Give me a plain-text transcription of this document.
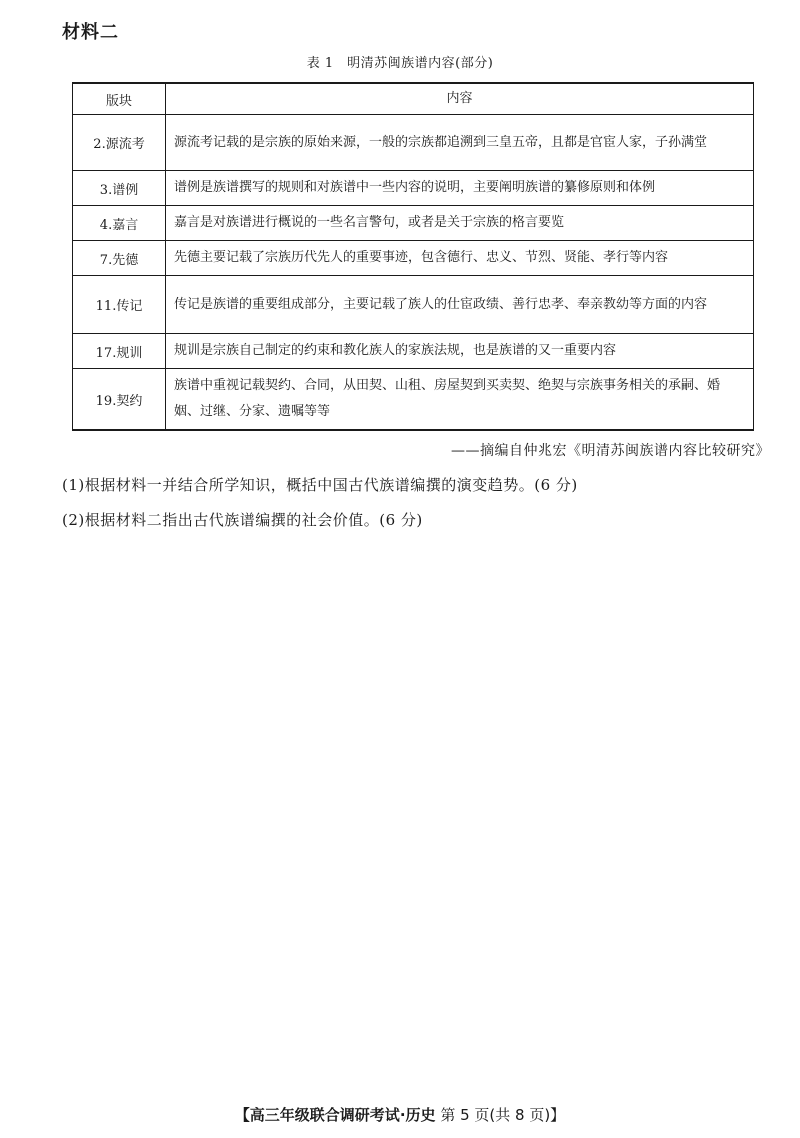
材料二
表 1　明清苏闽族谱内容(部分)
版块	内容
2.源流考	源流考记载的是宗族的原始来源，一般的宗族都追溯到三皇五帝，且都是官宦人家，子孙满堂
3.谱例	谱例是族谱撰写的规则和对族谱中一些内容的说明，主要阐明族谱的纂修原则和体例
4.嘉言	嘉言是对族谱进行概说的一些名言警句，或者是关于宗族的格言要览
7.先德	先德主要记载了宗族历代先人的重要事迹，包含德行、忠义、节烈、贤能、孝行等内容
11.传记	传记是族谱的重要组成部分，主要记载了族人的仕宦政绩、善行忠孝、奉亲教幼等方面的内容
17.规训	规训是宗族自己制定的约束和教化族人的家族法规，也是族谱的又一重要内容
19.契约	族谱中重视记载契约、合同，从田契、山租、房屋契到买卖契、绝契与宗族事务相关的承嗣、婚姻、过继、分家、遗嘱等等
——摘编自仲兆宏《明清苏闽族谱内容比较研究》
(1)根据材料一并结合所学知识，概括中国古代族谱编撰的演变趋势。(6 分)
(2)根据材料二指出古代族谱编撰的社会价值。(6 分)
【高三年级联合调研考试·历史 第 5 页(共 8 页)】
